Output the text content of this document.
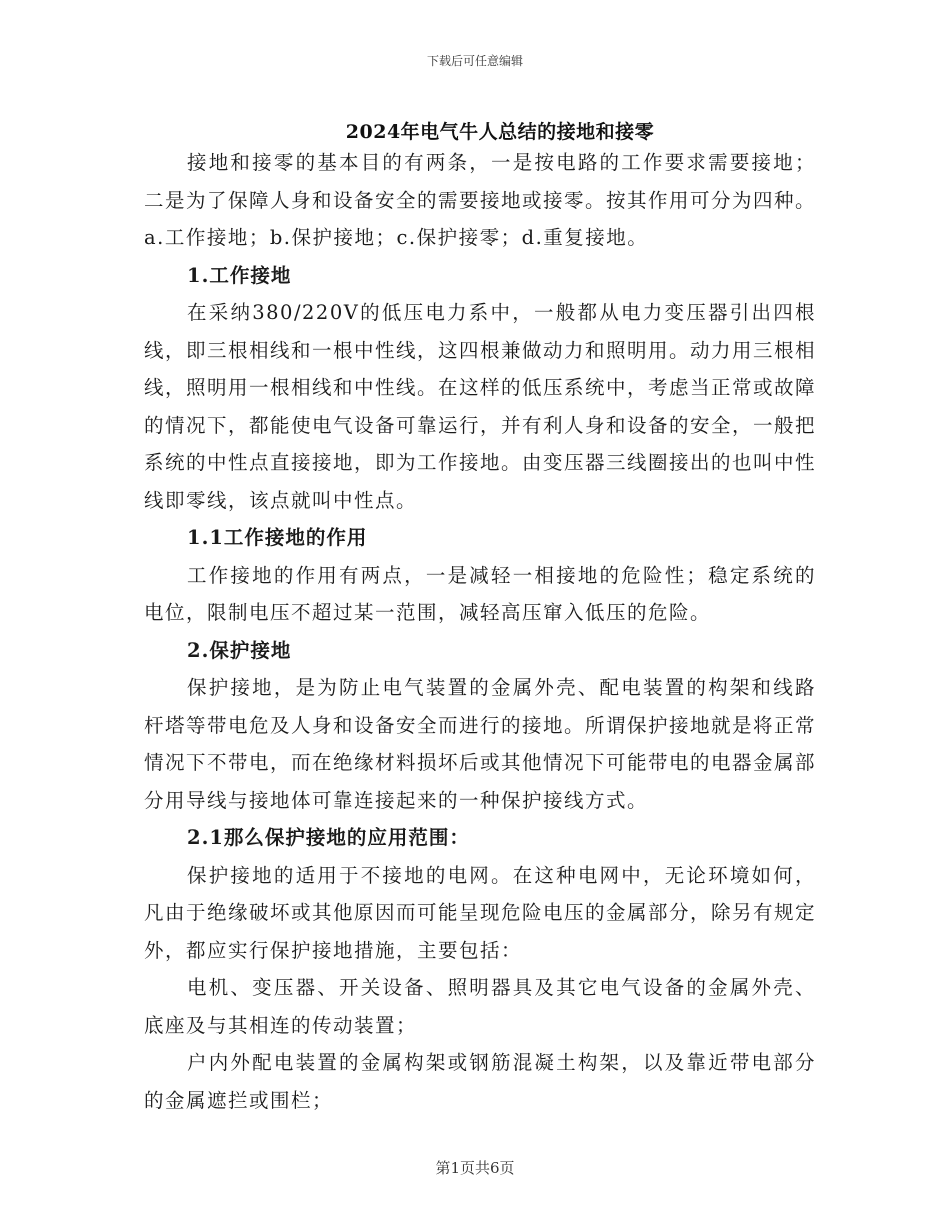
下载后可任意编辑
2024年电气牛人总结的接地和接零

接地和接零的基本目的有两条，一是按电路的工作要求需要接地；二是为了保障人身和设备安全的需要接地或接零。按其作用可分为四种。a.工作接地；b.保护接地；c.保护接零；d.重复接地。

1.工作接地

在采纳380/220V的低压电力系中，一般都从电力变压器引出四根线，即三根相线和一根中性线，这四根兼做动力和照明用。动力用三根相线，照明用一根相线和中性线。在这样的低压系统中，考虑当正常或故障的情况下，都能使电气设备可靠运行，并有利人身和设备的安全，一般把系统的中性点直接接地，即为工作接地。由变压器三线圈接出的也叫中性线即零线，该点就叫中性点。

1.1工作接地的作用

工作接地的作用有两点，一是减轻一相接地的危险性；稳定系统的电位，限制电压不超过某一范围，减轻高压窜入低压的危险。

2.保护接地

保护接地，是为防止电气装置的金属外壳、配电装置的构架和线路杆塔等带电危及人身和设备安全而进行的接地。所谓保护接地就是将正常情况下不带电，而在绝缘材料损坏后或其他情况下可能带电的电器金属部分用导线与接地体可靠连接起来的一种保护接线方式。

2.1那么保护接地的应用范围：

保护接地的适用于不接地的电网。在这种电网中，无论环境如何，凡由于绝缘破坏或其他原因而可能呈现危险电压的金属部分，除另有规定外，都应实行保护接地措施，主要包括：

电机、变压器、开关设备、照明器具及其它电气设备的金属外壳、底座及与其相连的传动装置；

户内外配电装置的金属构架或钢筋混凝土构架，以及靠近带电部分的金属遮拦或围栏；

第1页共6页
